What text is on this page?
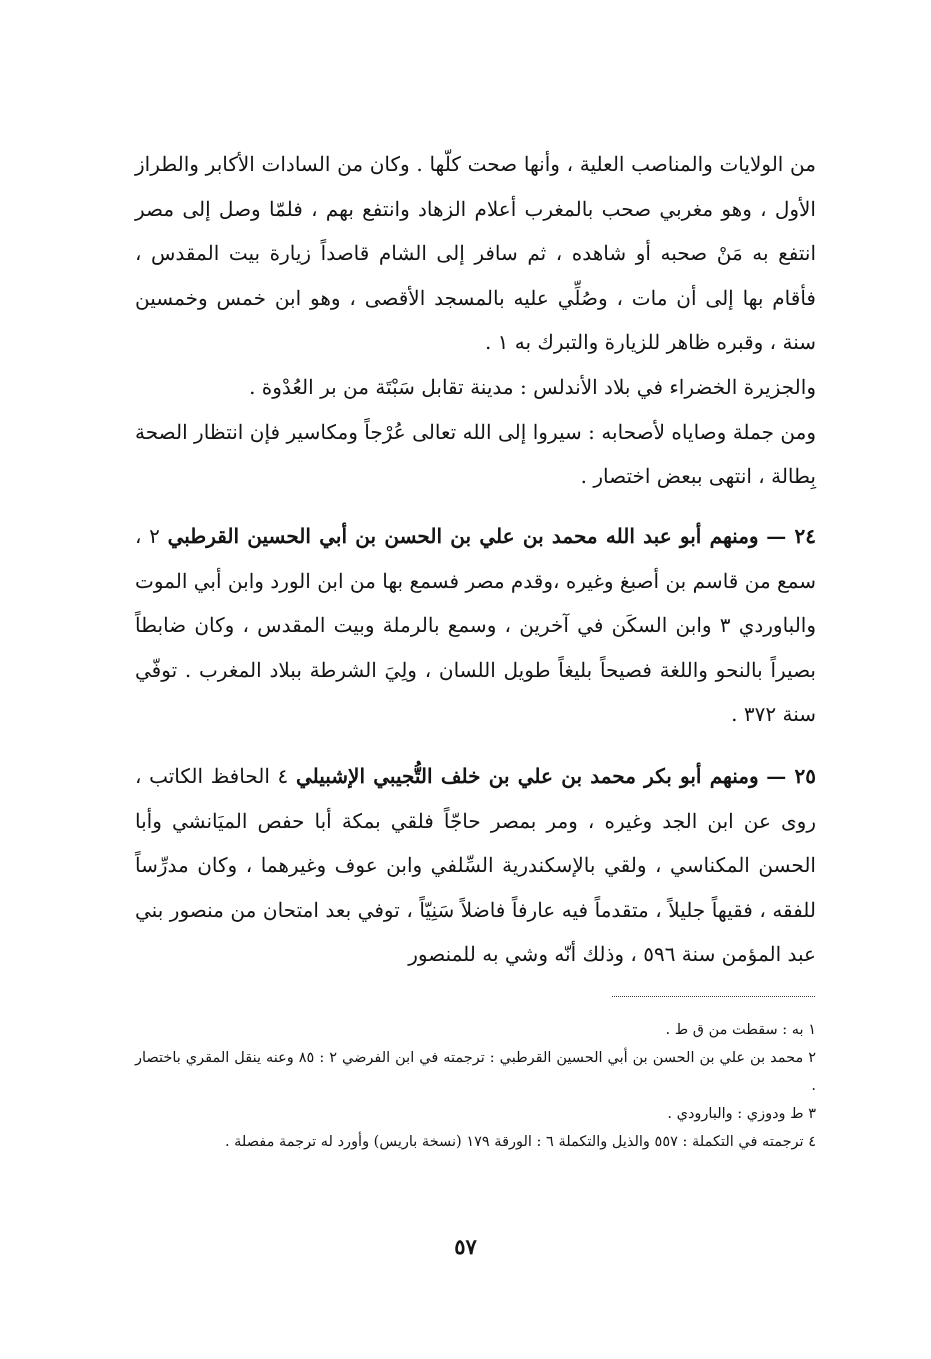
من الولايات والمناصب العلية ، وأنها صحت كلّها . وكان من السادات الأكابر والطراز الأول ، وهو مغربي صحب بالمغرب أعلام الزهاد وانتفع بهم ، فلمّا وصل إلى مصر انتفع به مَنْ صحبه أو شاهده ، ثم سافر إلى الشام قاصداً زيارة بيت المقدس ، فأقام بها إلى أن مات ، وصُلِّي عليه بالمسجد الأقصى ، وهو ابن خمس وخمسين سنة ، وقبره ظاهر للزيارة والتبرك به ١ .

والجزيرة الخضراء في بلاد الأندلس : مدينة تقابل سَبْتَة من بر العُدْوة .

ومن جملة وصاياه لأصحابه : سيروا إلى الله تعالى عُرْجاً ومكاسير فإن انتظار الصحة بِطالة ، انتهى ببعض اختصار .

٢٤ — ومنهم أبو عبد الله محمد بن علي بن الحسن بن أبي الحسين القرطبي ٢ ، سمع من قاسم بن أصبغ وغيره ،وقدم مصر فسمع بها من ابن الورد وابن أبي الموت والباوردي ٣ وابن السكَن في آخرين ، وسمع بالرملة وبيت المقدس ، وكان ضابطاً بصيراً بالنحو واللغة فصيحاً بليغاً طويل اللسان ، ولِيَ الشرطة ببلاد المغرب . توفّي سنة ٣٧٢ .

٢٥ — ومنهم أبو بكر محمد بن علي بن خلف التُّجيبي الإشبيلي ٤ الحافظ الكاتب ، روى عن ابن الجد وغيره ، ومر بمصر حاجّاً فلقي بمكة أبا حفص الميَانشي وأبا الحسن المكناسي ، ولقي بالإسكندرية السِّلفي وابن عوف وغيرهما ، وكان مدرِّساً للفقه ، فقيهاً جليلاً ، متقدماً فيه عارفاً فاضلاً سَنِيّاً ، توفي بعد امتحان من منصور بني عبد المؤمن سنة ٥٩٦ ، وذلك أنّه وشي به للمنصور

١ به : سقطت من ق ط .

٢ محمد بن علي بن الحسن بن أبي الحسين القرطبي : ترجمته في ابن الفرضي ٢ : ٨٥ وعنه ينقل المقري باختصار .

٣ ط ودوزي : والبارودي .

٤ ترجمته في التكملة : ٥٥٧ والذيل والتكملة ٦ : الورقة ١٧٩ (نسخة باريس) وأورد له ترجمة مفصلة .

٥٧
